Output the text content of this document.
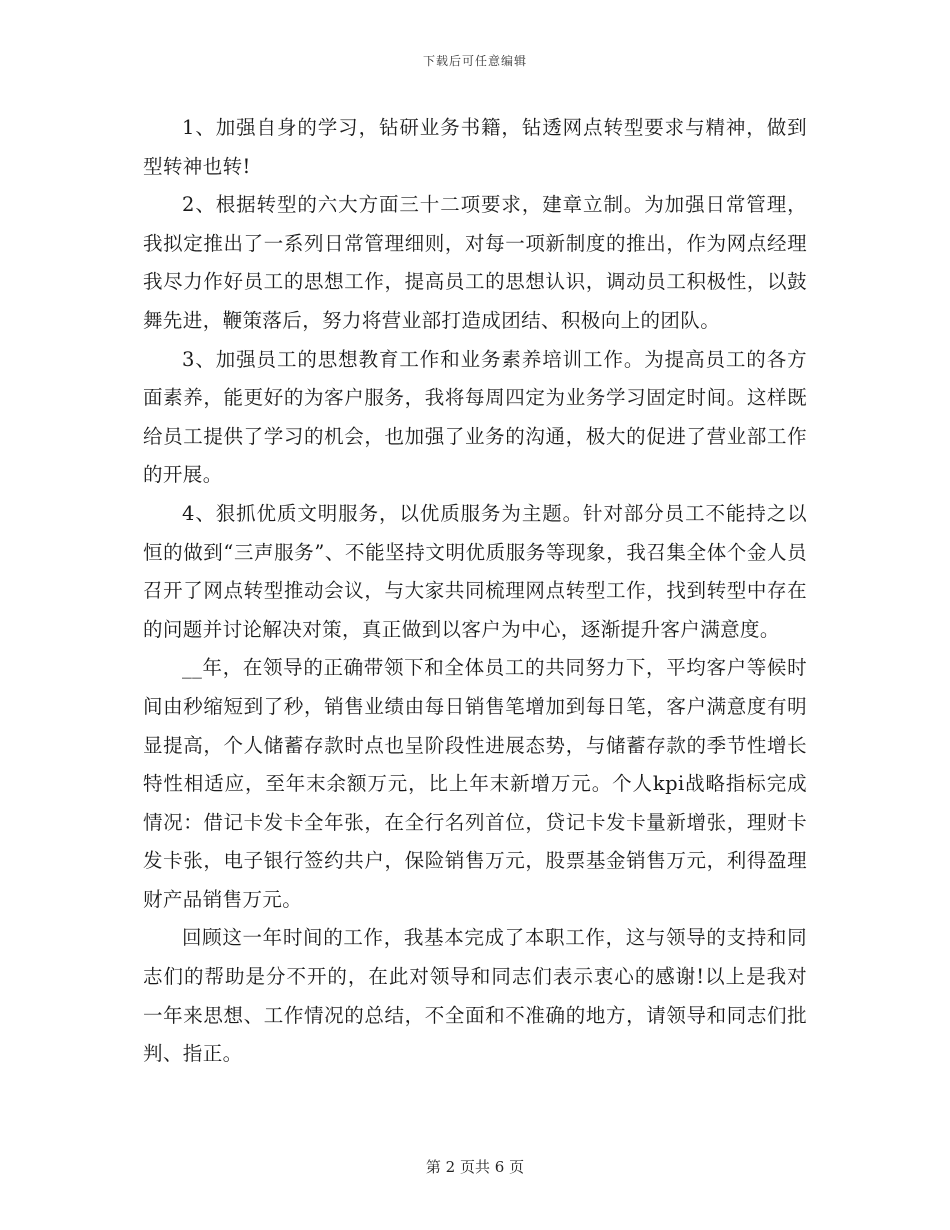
下载后可任意编辑

1、加强自身的学习，钻研业务书籍，钻透网点转型要求与精神，做到型转神也转!

2、根据转型的六大方面三十二项要求，建章立制。为加强日常管理，我拟定推出了一系列日常管理细则，对每一项新制度的推出，作为网点经理我尽力作好员工的思想工作，提高员工的思想认识，调动员工积极性，以鼓舞先进，鞭策落后，努力将营业部打造成团结、积极向上的团队。

3、加强员工的思想教育工作和业务素养培训工作。为提高员工的各方面素养，能更好的为客户服务，我将每周四定为业务学习固定时间。这样既给员工提供了学习的机会，也加强了业务的沟通，极大的促进了营业部工作的开展。

4、狠抓优质文明服务，以优质服务为主题。针对部分员工不能持之以恒的做到“三声服务”、不能坚持文明优质服务等现象，我召集全体个金人员召开了网点转型推动会议，与大家共同梳理网点转型工作，找到转型中存在的问题并讨论解决对策，真正做到以客户为中心，逐渐提升客户满意度。

__年，在领导的正确带领下和全体员工的共同努力下，平均客户等候时间由秒缩短到了秒，销售业绩由每日销售笔增加到每日笔，客户满意度有明显提高，个人储蓄存款时点也呈阶段性进展态势，与储蓄存款的季节性增长特性相适应，至年末余额万元，比上年末新增万元。个人kpi战略指标完成情况：借记卡发卡全年张，在全行名列首位，贷记卡发卡量新增张，理财卡发卡张，电子银行签约共户，保险销售万元，股票基金销售万元，利得盈理财产品销售万元。

回顾这一年时间的工作，我基本完成了本职工作，这与领导的支持和同志们的帮助是分不开的，在此对领导和同志们表示衷心的感谢!以上是我对一年来思想、工作情况的总结，不全面和不准确的地方，请领导和同志们批判、指正。

第 2 页共 6 页
